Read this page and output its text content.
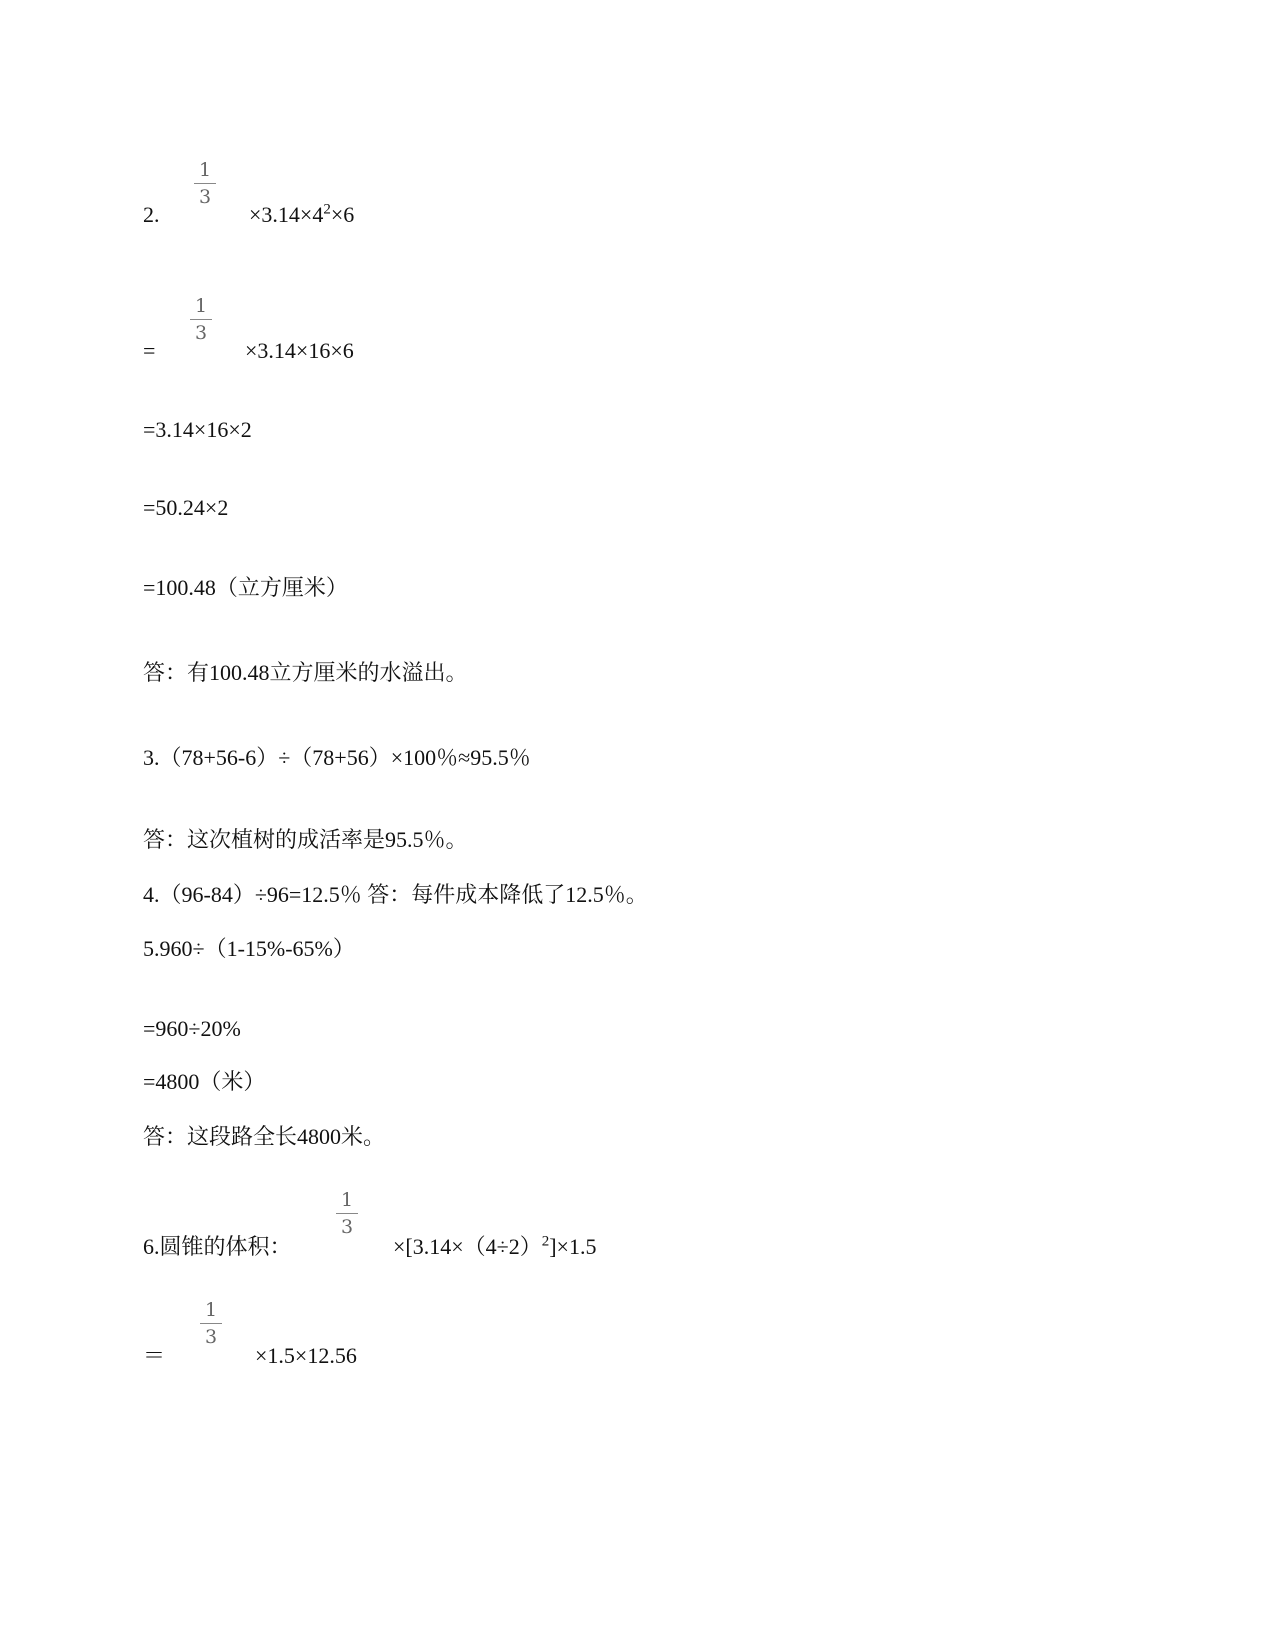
2.
1
3
$\times 3.14\times 4^2\times 6$
=
1
3
×3.14×16×6
=3.14×16×2
=50.24×2
=100.48（立方厘米）
答：有100.48立方厘米的水溢出。
3.（78+56-6）÷（78+56）×100％≈95.5％
答：这次植树的成活率是95.5％。
4.（96-84）÷96=12.5％ 答：每件成本降低了12.5％。
5.960÷（1-15%-65%）
=960÷20%
=4800（米）
答：这段路全长4800米。
6.圆锥的体积：
1
3
$\times[3.14\times(4\div 2)^2]\times 1.5$
＝
1
3
×1.5×12.56
